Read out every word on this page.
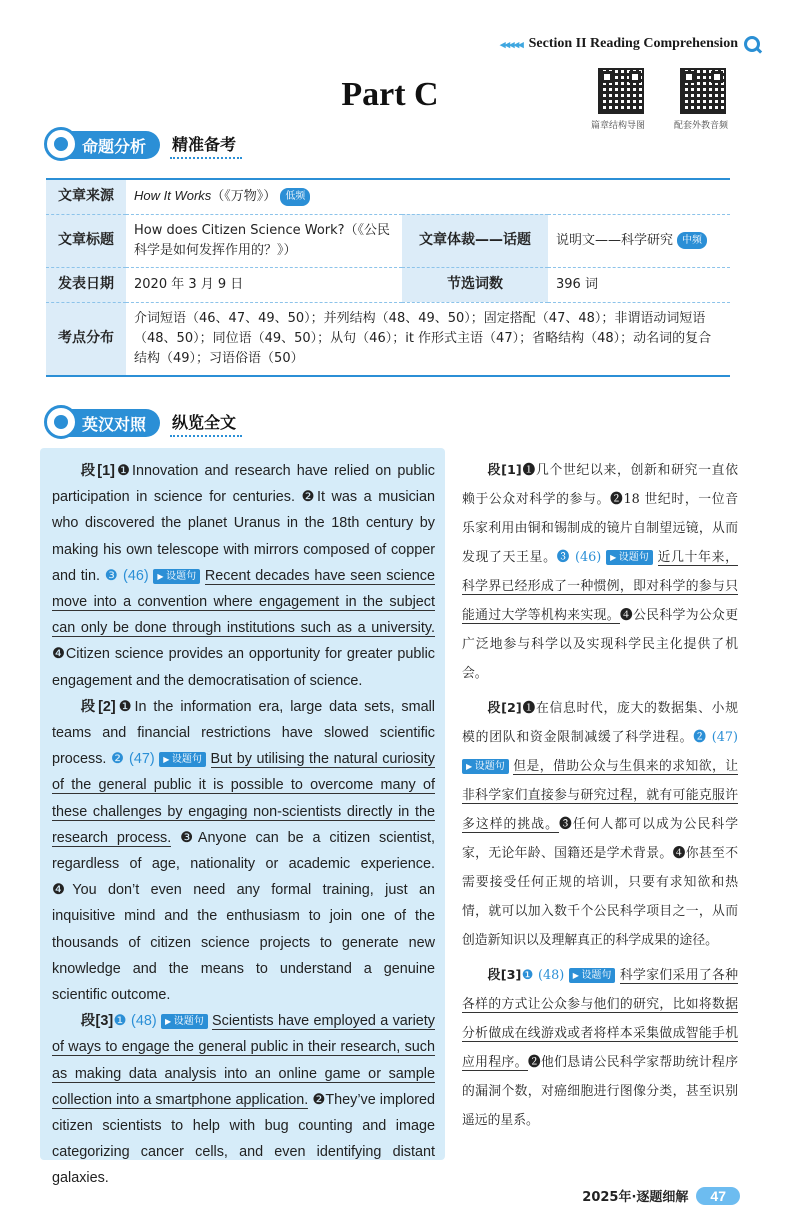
◂◂◂◂◂ Section II Reading Comprehension
Part C
篇章结构导图	配套外教音频
命题分析 精准备考
文章来源	How It Works（《万物》） 低频		
文章标题	How does Citizen Science Work?（《公民科学是如何发挥作用的？》）	文章体裁——话题	说明文——科学研究 中频
发表日期	2020 年 3 月 9 日	节选词数	396 词
考点分布	介词短语（46、47、49、50）；并列结构（48、49、50）；固定搭配（47、48）；非谓语动词短语（48、50）；同位语（49、50）；从句（46）；it 作形式主语（47）；省略结构（48）；动名词的复合结构（49）；习语俗语（50）		
英汉对照 纵览全文

段[1]❶Innovation and research have relied on public participation in science for centuries. ❷It was a musician who discovered the planet Uranus in the 18th century by making his own telescope with mirrors composed of copper and tin. ❸ (46) ▶ 设题句 Recent decades have seen science move into a convention where engagement in the subject can only be done through institutions such as a university. ❹Citizen science provides an opportunity for greater public engagement and the democratisation of science.

段[2]❶In the information era, large data sets, small teams and financial restrictions have slowed scientific process. ❷ (47) ▶ 设题句 But by utilising the natural curiosity of the general public it is possible to overcome many of these challenges by engaging non-scientists directly in the research process. ❸Anyone can be a citizen scientist, regardless of age, nationality or academic experience. ❹You don’t even need any formal training, just an inquisitive mind and the enthusiasm to join one of the thousands of citizen science projects to generate new knowledge and the means to understand a genuine scientific outcome.

段[3]❶ (48) ▶ 设题句 Scientists have employed a variety of ways to engage the general public in their research, such as making data analysis into an online game or sample collection into a smartphone application. ❷They’ve implored citizen scientists to help with bug counting and image categorizing cancer cells, and even identifying distant galaxies.

段[1]❶几个世纪以来，创新和研究一直依赖于公众对科学的参与。❷18 世纪时，一位音乐家利用由铜和锡制成的镜片自制望远镜，从而发现了天王星。❸ (46) ▶ 设题句 近几十年来，科学界已经形成了一种惯例，即对科学的参与只能通过大学等机构来实现。❹公民科学为公众更广泛地参与科学以及实现科学民主化提供了机会。

段[2]❶在信息时代，庞大的数据集、小规模的团队和资金限制减缓了科学进程。❷ (47) ▶ 设题句 但是，借助公众与生俱来的求知欲，让非科学家们直接参与研究过程，就有可能克服许多这样的挑战。❸任何人都可以成为公民科学家，无论年龄、国籍还是学术背景。❹你甚至不需要接受任何正规的培训，只要有求知欲和热情，就可以加入数千个公民科学项目之一，从而创造新知识以及理解真正的科学成果的途径。

段[3]❶ (48) ▶ 设题句 科学家们采用了各种各样的方式让公众参与他们的研究，比如将数据分析做成在线游戏或者将样本采集做成智能手机应用程序。❷他们恳请公民科学家帮助统计程序的漏洞个数，对癌细胞进行图像分类，甚至识别遥远的星系。

2025年·逐题细解	47
